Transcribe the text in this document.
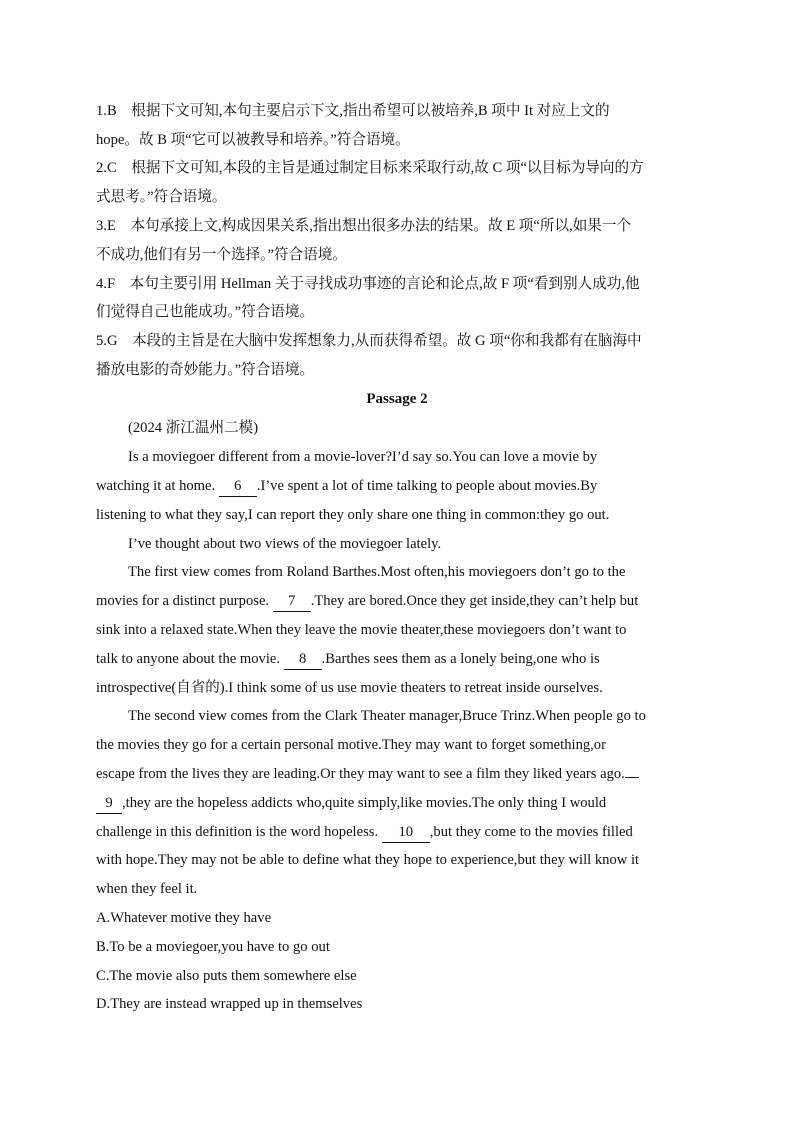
1.B　根据下文可知,本句主要启示下文,指出希望可以被培养,B 项中 It 对应上文的
hope。故 B 项“它可以被教导和培养。”符合语境。
2.C　根据下文可知,本段的主旨是通过制定目标来采取行动,故 C 项“以目标为导向的方
式思考。”符合语境。
3.E　本句承接上文,构成因果关系,指出想出很多办法的结果。故 E 项“所以,如果一个
不成功,他们有另一个选择。”符合语境。
4.F　本句主要引用 Hellman 关于寻找成功事迹的言论和论点,故 F 项“看到别人成功,他
们觉得自己也能成功。”符合语境。
5.G　本段的主旨是在大脑中发挥想象力,从而获得希望。故 G 项“你和我都有在脑海中
播放电影的奇妙能力。”符合语境。
Passage 2
(2024 浙江温州二模)
Is a moviegoer different from a movie-lover?I’d say so.You can love a movie by
watching it at home. 6 .I’ve spent a lot of time talking to people about movies.By
listening to what they say,I can report they only share one thing in common:they go out.
I’ve thought about two views of the moviegoer lately.
The first view comes from Roland Barthes.Most often,his moviegoers don’t go to the
movies for a distinct purpose. 7 .They are bored.Once they get inside,they can’t help but
sink into a relaxed state.When they leave the movie theater,these moviegoers don’t want to
talk to anyone about the movie. 8 .Barthes sees them as a lonely being,one who is
introspective(自省的).I think some of us use movie theaters to retreat inside ourselves.
The second view comes from the Clark Theater manager,Bruce Trinz.When people go to
the movies they go for a certain personal motive.They may want to forget something,or
escape from the lives they are leading.Or they may want to see a film they liked years ago.
9 ,they are the hopeless addicts who,quite simply,like movies.The only thing I would
challenge in this definition is the word hopeless. 10 ,but they come to the movies filled
with hope.They may not be able to define what they hope to experience,but they will know it
when they feel it.
A.Whatever motive they have
B.To be a moviegoer,you have to go out
C.The movie also puts them somewhere else
D.They are instead wrapped up in themselves
